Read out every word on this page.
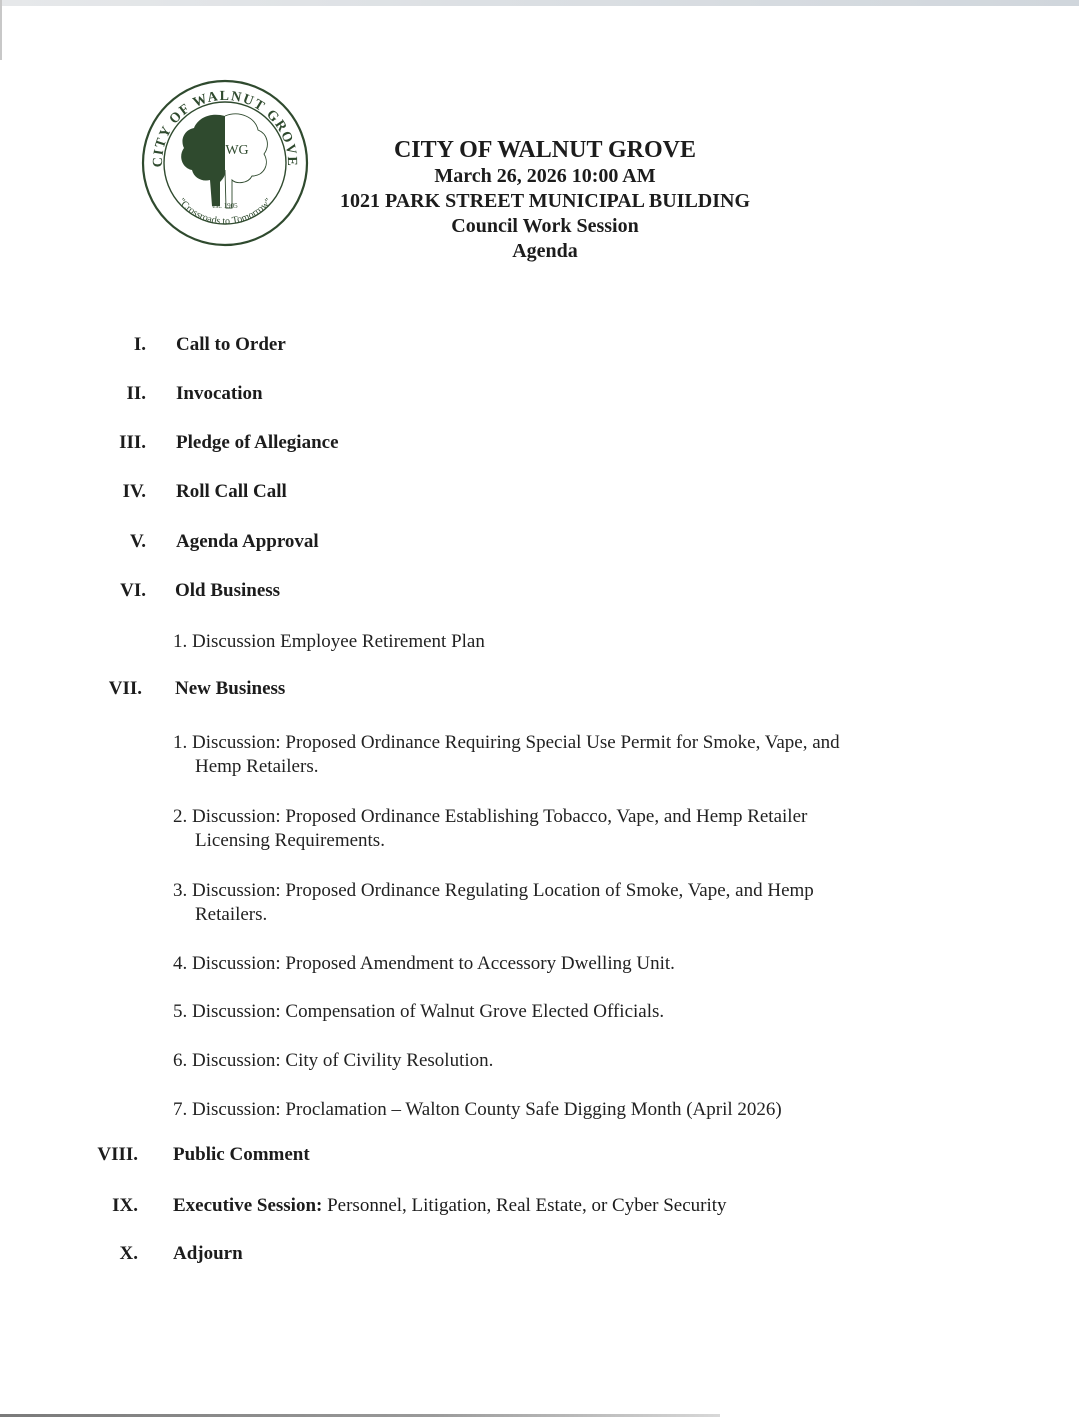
CITY OF WALNUT GROVE
WG
est. 1905
"Crossroads to Tomorrow"
CITY OF WALNUT GROVE
March 26, 2026 10:00 AM
1021 PARK STREET MUNICIPAL BUILDING
Council Work Session
Agenda
I. Call to Order
II. Invocation
III. Pledge of Allegiance
IV. Roll Call Call
V. Agenda Approval
VI. Old Business
1. Discussion Employee Retirement Plan
VII. New Business
1. Discussion: Proposed Ordinance Requiring Special Use Permit for Smoke, Vape, and
Hemp Retailers.
2. Discussion: Proposed Ordinance Establishing Tobacco, Vape, and Hemp Retailer
Licensing Requirements.
3. Discussion: Proposed Ordinance Regulating Location of Smoke, Vape, and Hemp
Retailers.
4. Discussion: Proposed Amendment to Accessory Dwelling Unit.
5. Discussion: Compensation of Walnut Grove Elected Officials.
6. Discussion: City of Civility Resolution.
7. Discussion: Proclamation – Walton County Safe Digging Month (April 2026)
VIII. Public Comment
IX. Executive Session: Personnel, Litigation, Real Estate, or Cyber Security
X. Adjourn
